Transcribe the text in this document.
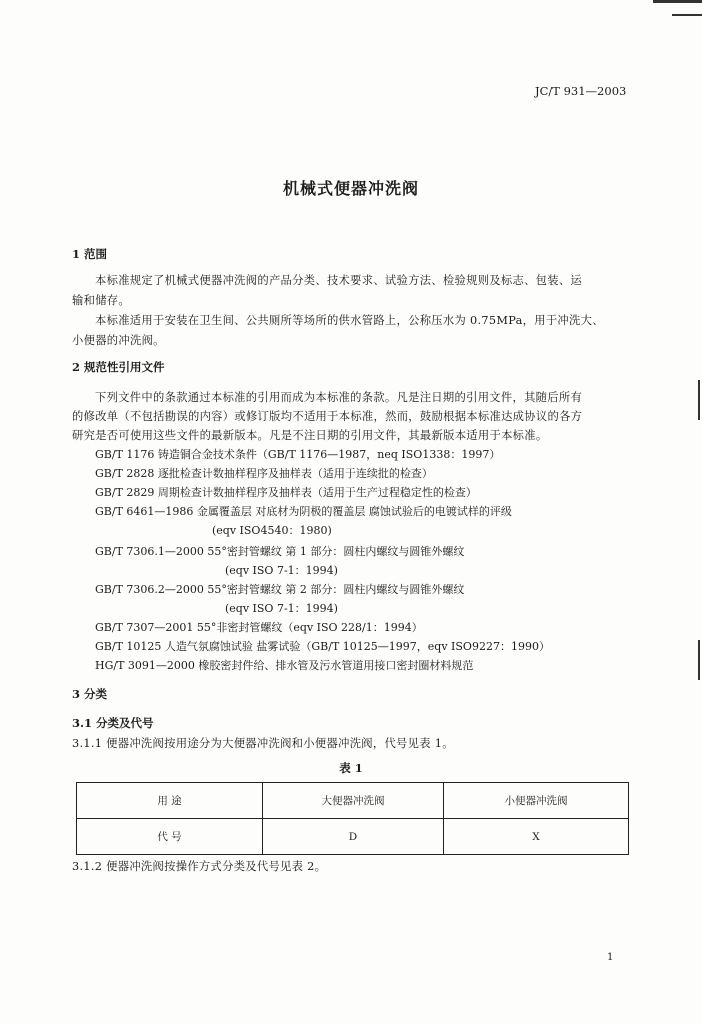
JC/T 931—2003
机械式便器冲洗阀
1 范围
本标准规定了机械式便器冲洗阀的产品分类、技术要求、试验方法、检验规则及标志、包装、运
输和储存。
本标准适用于安装在卫生间、公共厕所等场所的供水管路上，公称压水为 0.75MPa，用于冲洗大、
小便器的冲洗阀。
2 规范性引用文件
下列文件中的条款通过本标准的引用而成为本标准的条款。凡是注日期的引用文件，其随后所有
的修改单（不包括勘误的内容）或修订版均不适用于本标准，然而，鼓励根据本标准达成协议的各方
研究是否可使用这些文件的最新版本。凡是不注日期的引用文件，其最新版本适用于本标准。
GB/T 1176 铸造铜合金技术条件（GB/T 1176—1987，neq ISO1338：1997）
GB/T 2828 逐批检查计数抽样程序及抽样表（适用于连续批的检查）
GB/T 2829 周期检查计数抽样程序及抽样表（适用于生产过程稳定性的检查）
GB/T 6461—1986 金属覆盖层 对底材为阴极的覆盖层 腐蚀试验后的电镀试样的评级
(eqv ISO4540：1980)
GB/T 7306.1—2000 55°密封管螺纹 第 1 部分：圆柱内螺纹与圆锥外螺纹
(eqv ISO 7-1：1994)
GB/T 7306.2—2000 55°密封管螺纹 第 2 部分：圆柱内螺纹与圆锥外螺纹
(eqv ISO 7-1：1994)
GB/T 7307—2001 55°非密封管螺纹（eqv ISO 228/1：1994）
GB/T 10125 人造气氛腐蚀试验 盐雾试验（GB/T 10125—1997，eqv ISO9227：1990）
HG/T 3091—2000 橡胶密封件给、排水管及污水管道用接口密封圈材料规范
3 分类
3.1 分类及代号
3.1.1 便器冲洗阀按用途分为大便器冲洗阀和小便器冲洗阀，代号见表 1。
表 1
用 途	大便器冲洗阀	小便器冲洗阀
代 号	D	X
3.1.2 便器冲洗阀按操作方式分类及代号见表 2。
1
